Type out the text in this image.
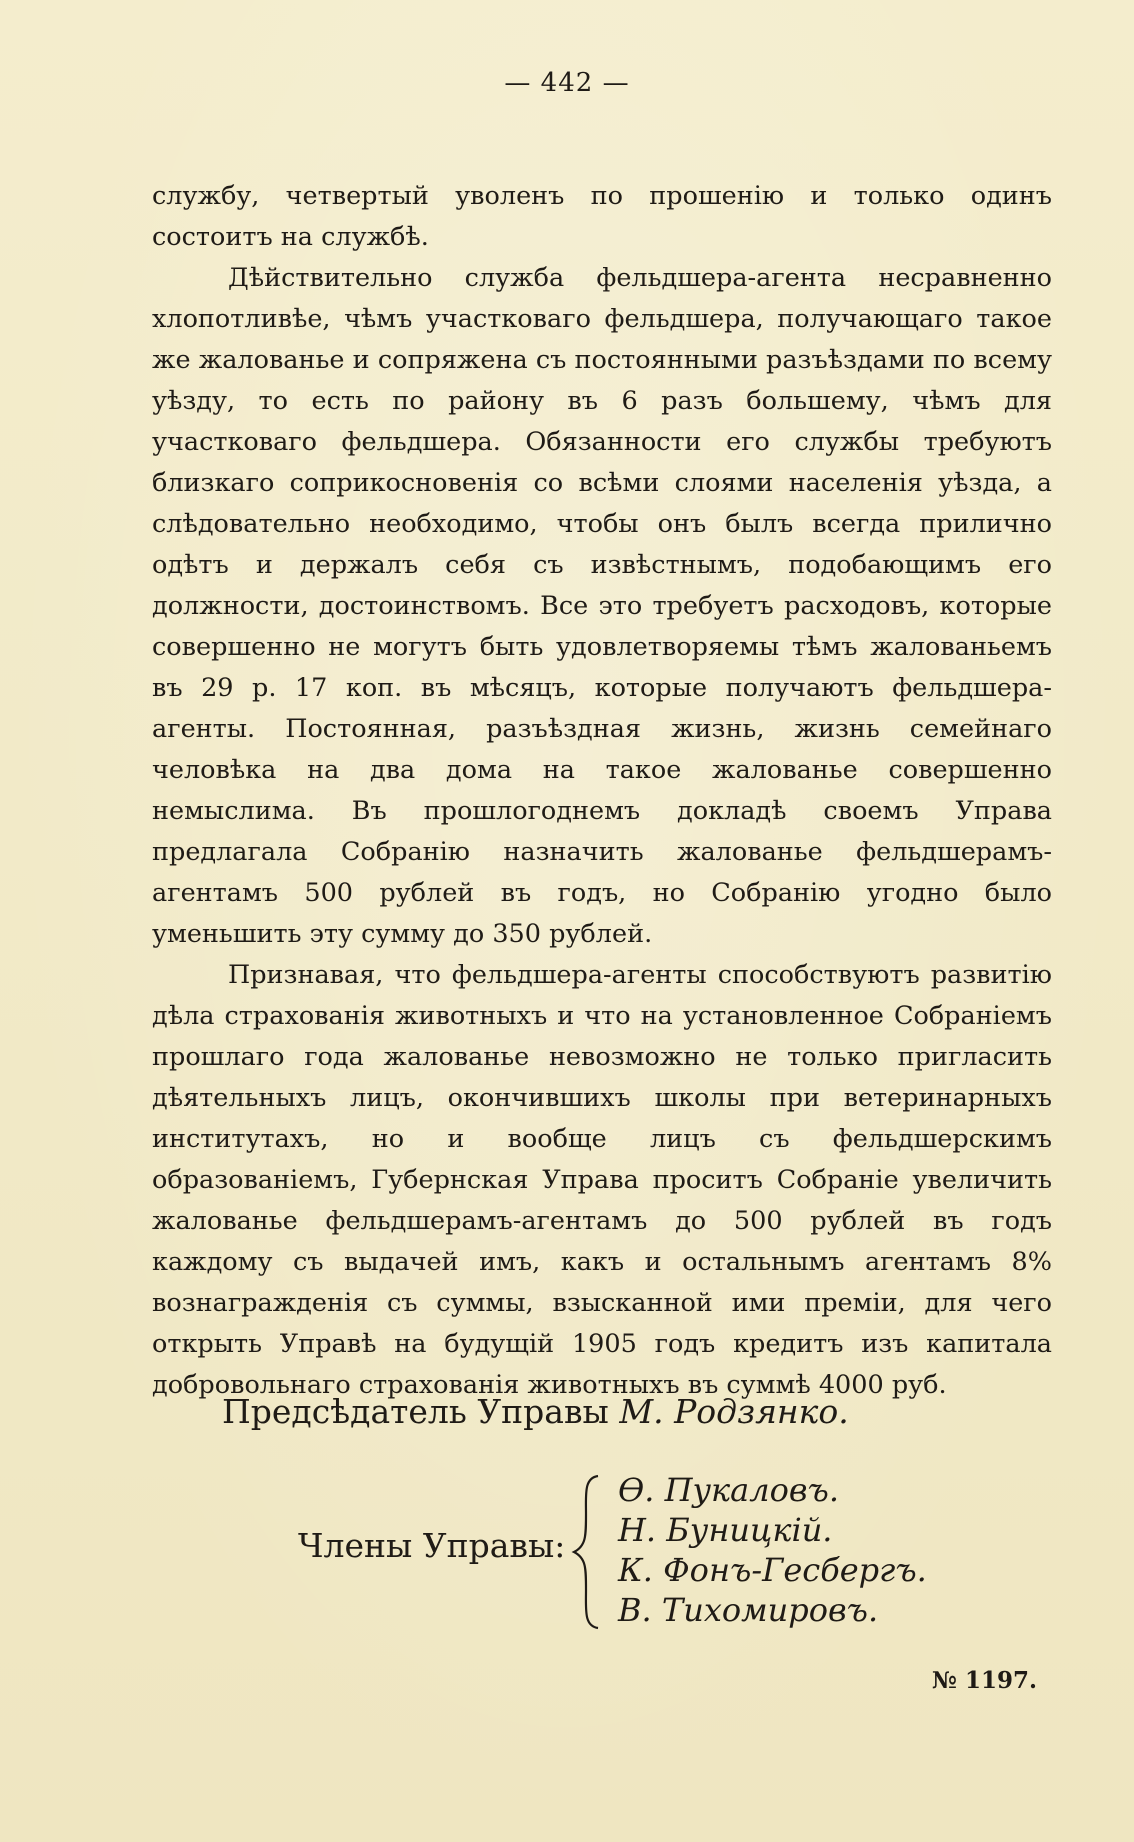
— 442 —

службу, четвертый уволенъ по прошенію и только одинъ состоитъ на службѣ.

Дѣйствительно служба фельдшера-агента несравненно хлопотливѣе, чѣмъ участковаго фельдшера, получающаго такое же жалованье и сопряжена съ постоянными разъѣздами по всему уѣзду, то есть по району въ 6 разъ большему, чѣмъ для участковаго фельдшера. Обязанности его службы требуютъ близкаго соприкосновенія со всѣми слоями населенія уѣзда, а слѣдовательно необходимо, чтобы онъ былъ всегда прилично одѣтъ и держалъ себя съ извѣстнымъ, подобающимъ его должности, достоинствомъ. Все это требуетъ расходовъ, которые совершенно не могутъ быть удовлетворяемы тѣмъ жалованьемъ въ 29 р. 17 коп. въ мѣсяцъ, которые получаютъ фельдшера-агенты. Постоянная, разъѣздная жизнь, жизнь семейнаго человѣка на два дома на такое жалованье совершенно немыслима. Въ прошлогоднемъ докладѣ своемъ Управа предлагала Собранію назначить жалованье фельдшерамъ-агентамъ 500 рублей въ годъ, но Собранію угодно было уменьшить эту сумму до 350 рублей.

Признавая, что фельдшера-агенты способствуютъ развитію дѣла страхованія животныхъ и что на установленное Собраніемъ прошлаго года жалованье невозможно не только пригласить дѣятельныхъ лицъ, окончившихъ школы при ветеринарныхъ институтахъ, но и вообще лицъ съ фельдшерскимъ образованіемъ, Губернская Управа проситъ Собраніе увеличить жалованье фельдшерамъ-агентамъ до 500 рублей въ годъ каждому съ выдачей имъ, какъ и остальнымъ агентамъ 8% вознагражденія съ суммы, взысканной ими преміи, для чего открыть Управѣ на будущій 1905 годъ кредитъ изъ капитала добровольнаго страхованія животныхъ въ суммѣ 4000 руб.

Предсѣдатель Управы М. Родзянко.
Члены Управы:
Ѳ. Пукаловъ.
Н. Буницкій.
К. Фонъ-Гесбергъ.
В. Тихомировъ.
№ 1197.
